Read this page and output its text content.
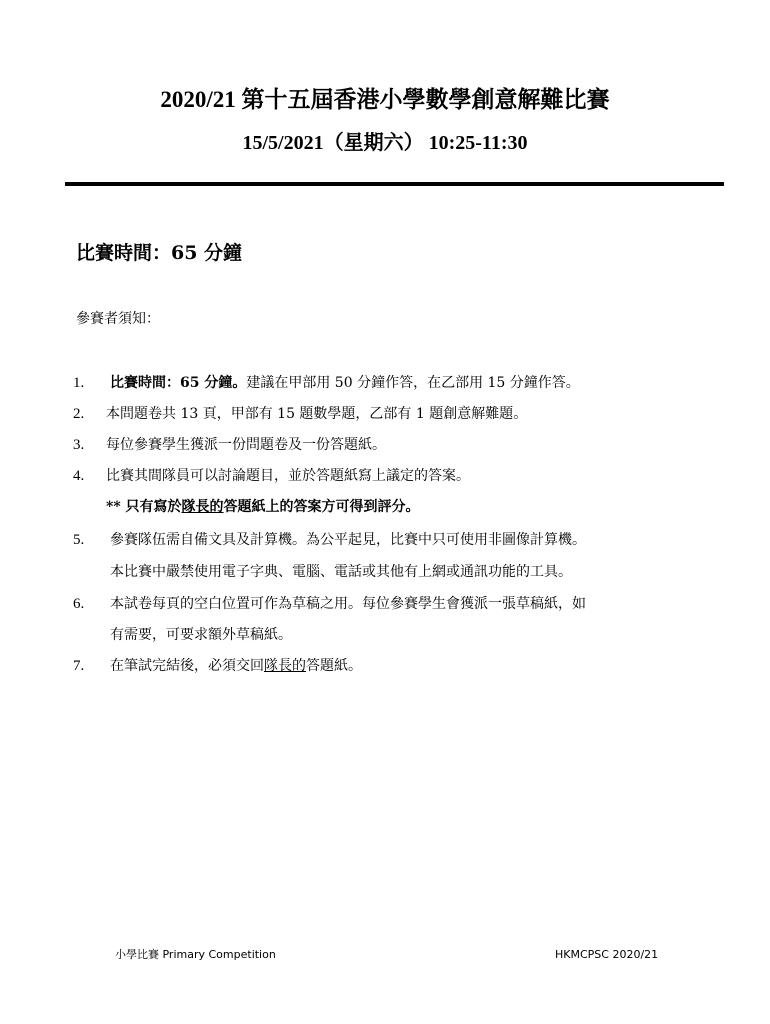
2020/21 第十五屆香港小學數學創意解難比賽
15/5/2021（星期六） 10:25-11:30
比賽時間：65 分鐘
參賽者須知：
1. 比賽時間：65 分鐘。建議在甲部用 50 分鐘作答，在乙部用 15 分鐘作答。
2. 本問題卷共 13 頁，甲部有 15 題數學題，乙部有 1 題創意解難題。
3. 每位參賽學生獲派一份問題卷及一份答題紙。
4. 比賽其間隊員可以討論題目，並於答題紙寫上議定的答案。
** 只有寫於隊長的答題紙上的答案方可得到評分。
5. 參賽隊伍需自備文具及計算機。為公平起見，比賽中只可使用非圖像計算機。
本比賽中嚴禁使用電子字典、電腦、電話或其他有上網或通訊功能的工具。
6. 本試卷每頁的空白位置可作為草稿之用。每位參賽學生會獲派一張草稿紙，如
有需要，可要求額外草稿紙。
7. 在筆試完結後，必須交回隊長的答題紙。
小學比賽 Primary Competition	HKMCPSC 2020/21
